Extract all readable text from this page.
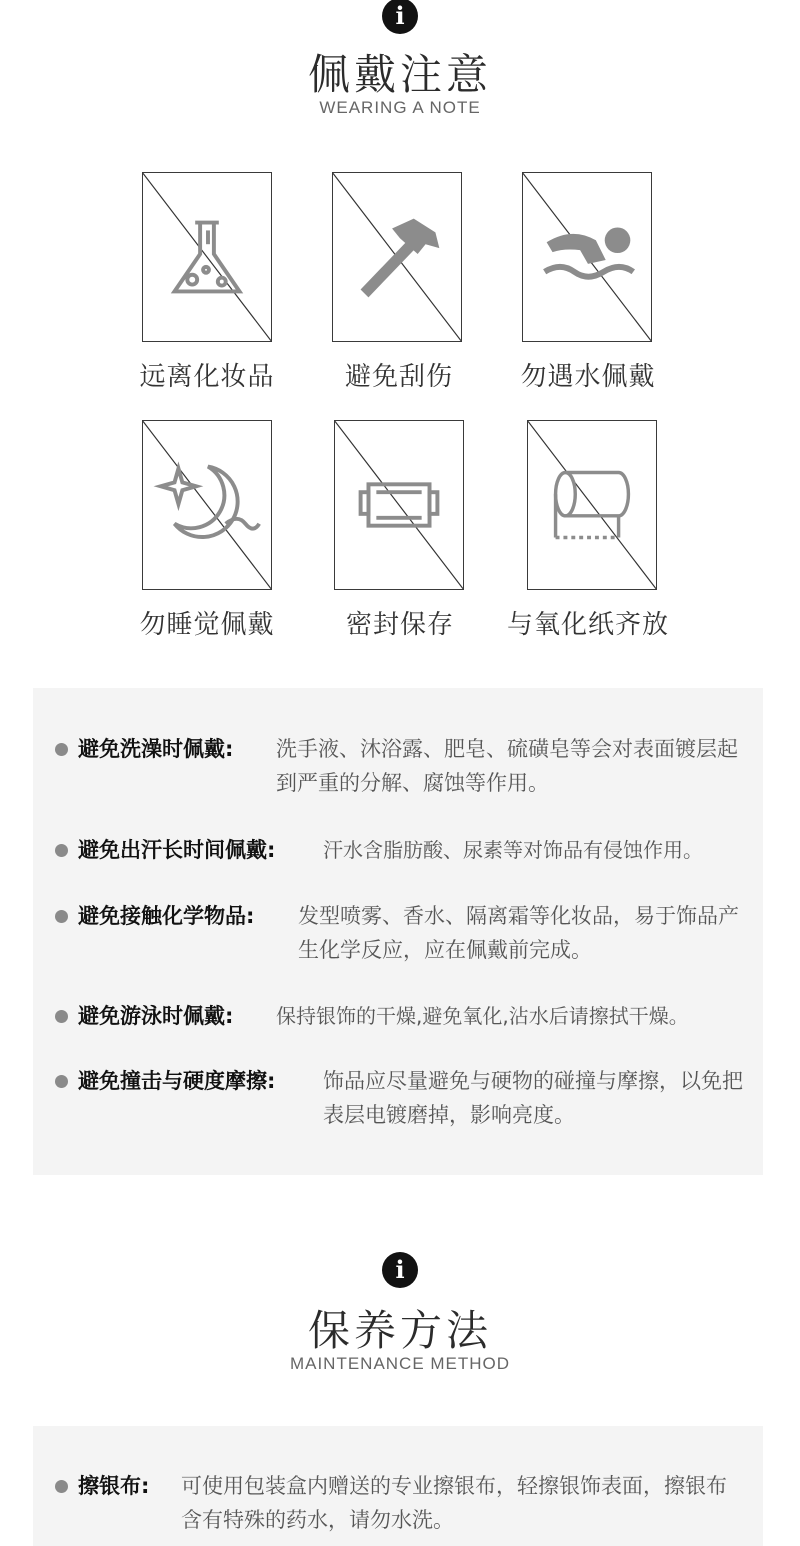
i
佩戴注意
WEARING A NOTE
远离化妆品	避免刮伤	勿遇水佩戴
勿睡觉佩戴	密封保存	与氧化纸齐放
避免洗澡时佩戴: 洗手液、沐浴露、肥皂、硫磺皂等会对表面镀层起到严重的分解、腐蚀等作用。
避免出汗长时间佩戴: 汗水含脂肪酸、尿素等对饰品有侵蚀作用。
避免接触化学物品: 发型喷雾、香水、隔离霜等化妆品，易于饰品产生化学反应，应在佩戴前完成。
避免游泳时佩戴: 保持银饰的干燥,避免氧化,沾水后请擦拭干燥。
避免撞击与硬度摩擦: 饰品应尽量避免与硬物的碰撞与摩擦，以免把表层电镀磨掉，影响亮度。
i
保养方法
MAINTENANCE METHOD
擦银布: 可使用包装盒内赠送的专业擦银布，轻擦银饰表面，擦银布含有特殊的药水，请勿水洗。
